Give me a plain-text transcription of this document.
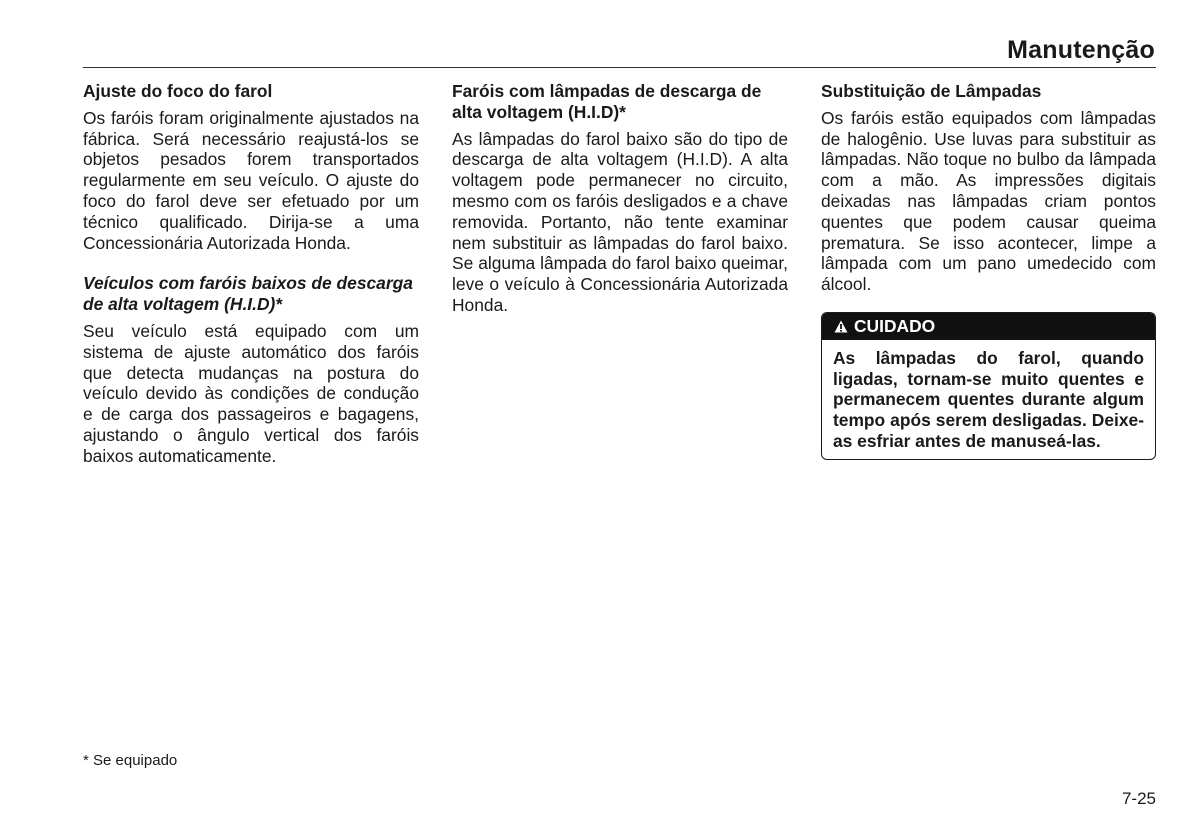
Manutenção
Ajuste do foco do farol
Os faróis foram originalmente ajustados na fábrica. Será necessário reajustá-los se objetos pesados forem transportados regularmente em seu veículo. O ajuste do foco do farol deve ser efetuado por um técnico qualificado. Dirija-se a uma Concessionária Autorizada Honda.
Veículos com faróis baixos de descarga de alta voltagem (H.I.D)*
Seu veículo está equipado com um sistema de ajuste automático dos faróis que detecta mudanças na postura do veículo devido às condições de condução e de carga dos passageiros e bagagens, ajustando o ângulo vertical dos faróis baixos automaticamente.
Faróis com lâmpadas de descarga de alta voltagem (H.I.D)*
As lâmpadas do farol baixo são do tipo de descarga de alta voltagem (H.I.D). A alta voltagem pode permanecer no circuito, mesmo com os faróis desligados e a chave removida. Portanto, não tente examinar nem substituir as lâmpadas do farol baixo. Se alguma lâmpada do farol baixo queimar, leve o veículo à Concessionária Autorizada Honda.
Substituição de Lâmpadas
Os faróis estão equipados com lâmpadas de halogênio. Use luvas para substituir as lâmpadas. Não toque no bulbo da lâmpada com a mão. As impressões digitais deixadas nas lâmpadas criam pontos quentes que podem causar queima prematura. Se isso acontecer, limpe a lâmpada com um pano umedecido com álcool.
CUIDADO
As lâmpadas do farol, quando ligadas, tornam-se muito quentes e permanecem quentes durante algum tempo após serem desligadas. Deixe-as esfriar antes de manuseá-las.
* Se equipado
7-25
